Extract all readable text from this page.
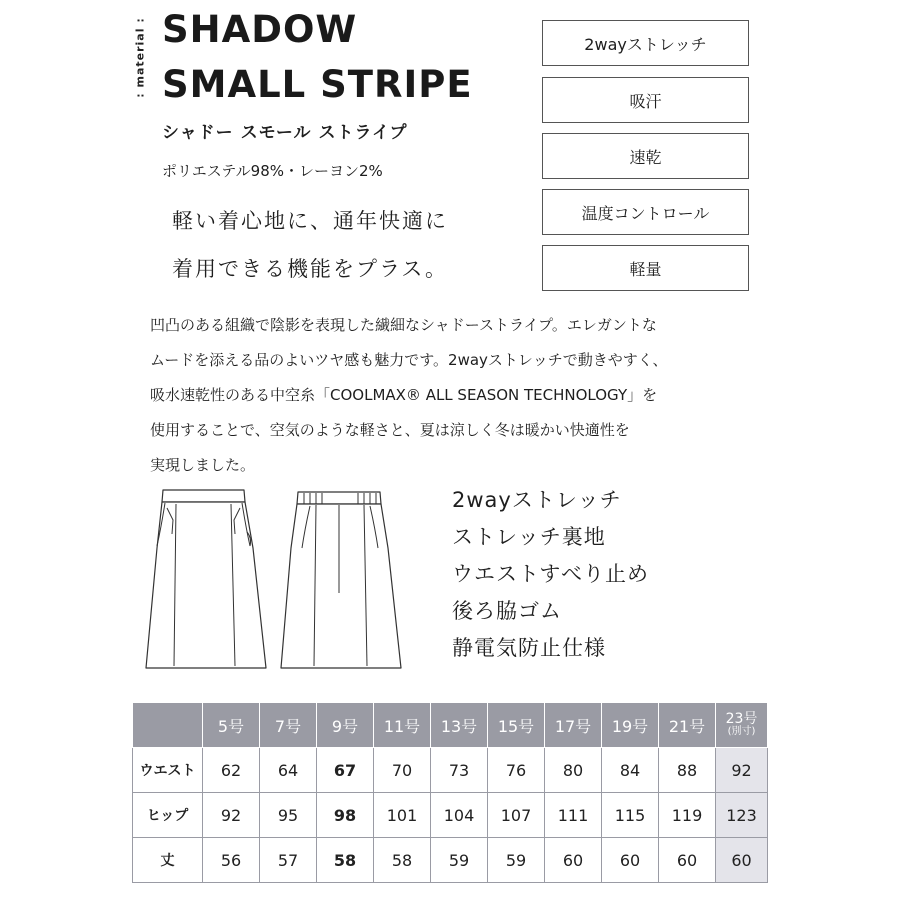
: material : SHADOW
SMALL STRIPE
シャドー スモール ストライプ
ポリエステル98%・レーヨン2%
軽い着心地に、通年快適に
着用できる機能をプラス。
2wayストレッチ
吸汗
速乾
温度コントロール
軽量
凹凸のある組織で陰影を表現した繊細なシャドーストライプ。エレガントな
ムードを添える品のよいツヤ感も魅力です。2wayストレッチで動きやすく、
吸水速乾性のある中空糸「COOLMAX® ALL SEASON TECHNOLOGY」を
使用することで、空気のような軽さと、夏は涼しく冬は暖かい快適性を
実現しました。
2wayストレッチ
ストレッチ裏地
ウエストすべり止め
後ろ脇ゴム
静電気防止仕様
	5号	7号	9号	11号	13号	15号	17号	19号	21号	23号
(別寸)

ウエスト	62	64	67	70	73	76	80	84	88	92
ヒップ	92	95	98	101	104	107	111	115	119	123
丈	56	57	58	58	59	59	60	60	60	60
